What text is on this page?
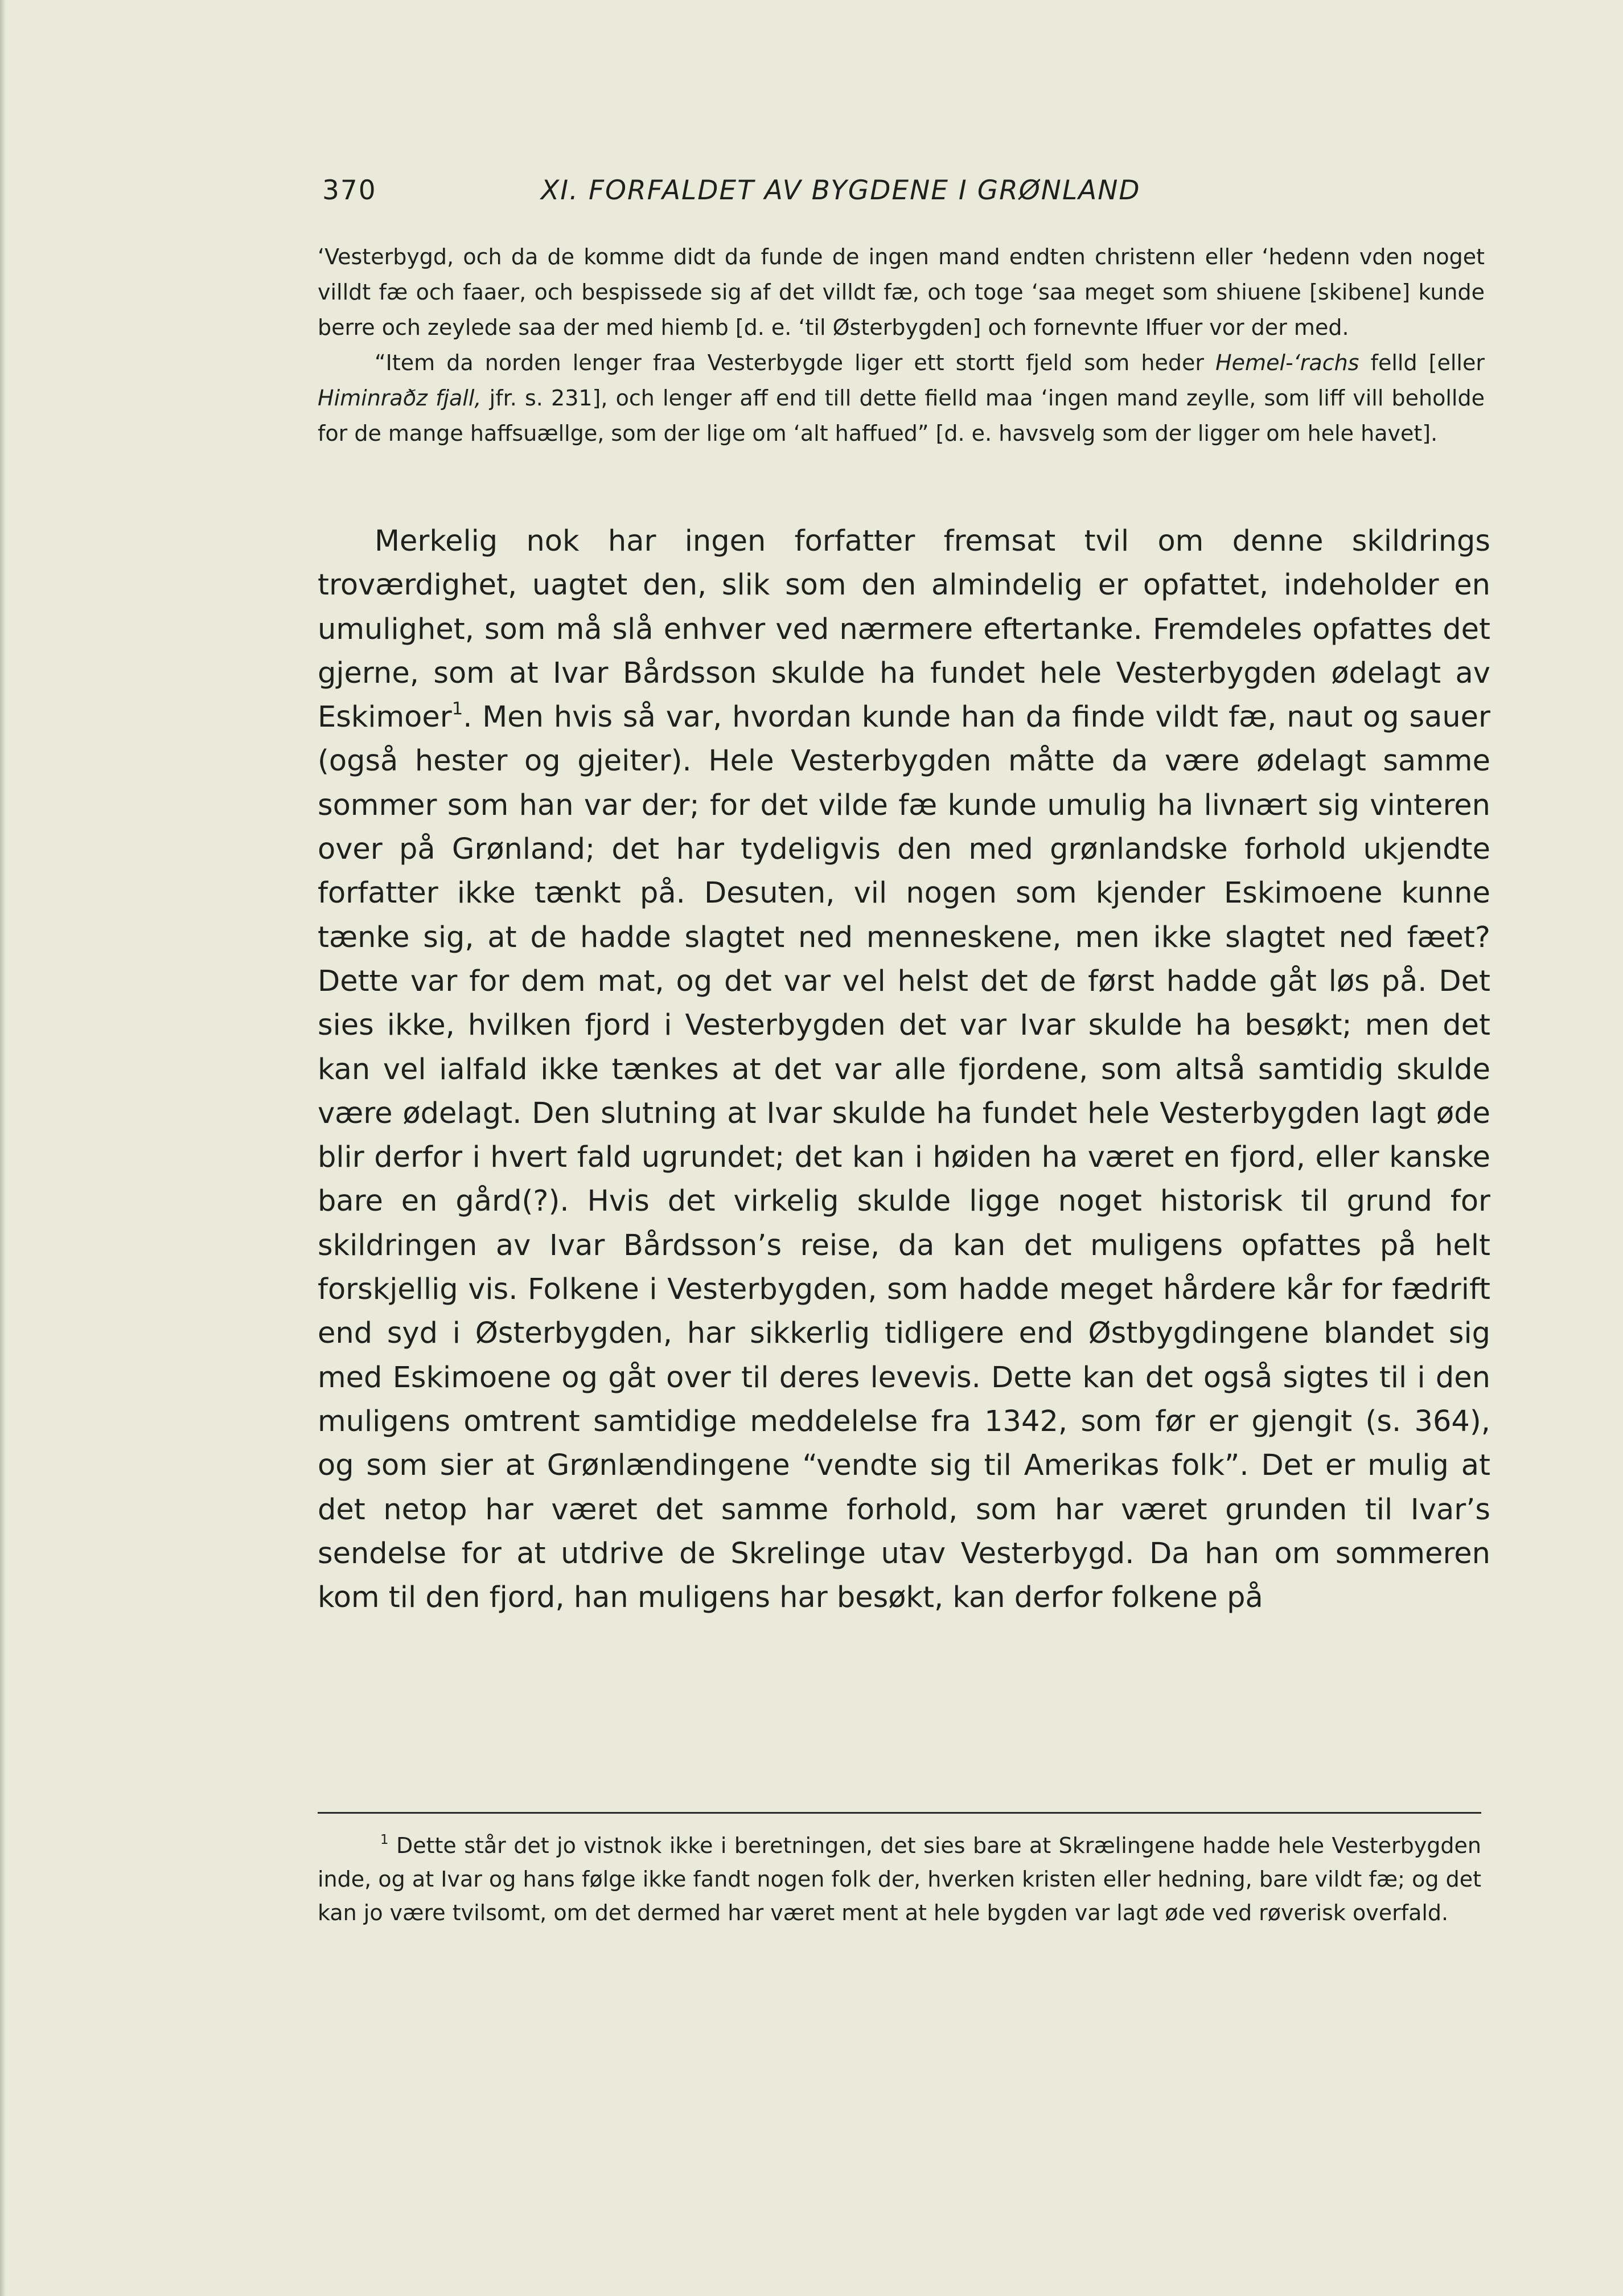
370	XI. FORFALDET AV BYGDENE I GRØNLAND

‘Vesterbygd, och da de komme didt da funde de ingen mand endten christenn eller ‘hedenn vden noget villdt fæ och faaer, och bespissede sig af det villdt fæ, och toge ‘saa meget som shiuene [skibene] kunde berre och zeylede saa der med hiemb [d. e. ‘til Østerbygden] och fornevnte Iffuer vor der med.

“Item da norden lenger fraa Vesterbygde liger ett stortt fjeld som heder Hemel-‘rachs felld [eller Himinraðz fjall, jfr. s. 231], och lenger aff end till dette fielld maa ‘ingen mand zeylle, som liff vill behollde for de mange haffsuællge, som der lige om ‘alt haffued” [d. e. havsvelg som der ligger om hele havet].

Merkelig nok har ingen forfatter fremsat tvil om denne skildrings troværdighet, uagtet den, slik som den almindelig er opfattet, indeholder en umulighet, som må slå enhver ved nærmere eftertanke. Fremdeles opfattes det gjerne, som at Ivar Bårdsson skulde ha fundet hele Vesterbygden ødelagt av Eskimoer$^1$. Men hvis så var, hvordan kunde han da finde vildt fæ, naut og sauer (også hester og gjeiter). Hele Vesterbygden måtte da være ødelagt samme sommer som han var der; for det vilde fæ kunde umulig ha livnært sig vinteren over på Grønland; det har tydeligvis den med grønlandske forhold ukjendte forfatter ikke tænkt på. Desuten, vil nogen som kjender Eskimoene kunne tænke sig, at de hadde slagtet ned menneskene, men ikke slagtet ned fæet? Dette var for dem mat, og det var vel helst det de først hadde gåt løs på. Det sies ikke, hvilken fjord i Vesterbygden det var Ivar skulde ha besøkt; men det kan vel ialfald ikke tænkes at det var alle fjordene, som altså samtidig skulde være ødelagt. Den slutning at Ivar skulde ha fundet hele Vesterbygden lagt øde blir derfor i hvert fald ugrundet; det kan i høiden ha været en fjord, eller kanske bare en gård(?). Hvis det virkelig skulde ligge noget historisk til grund for skildringen av Ivar Bårdsson’s reise, da kan det muligens opfattes på helt forskjellig vis. Folkene i Vesterbygden, som hadde meget hårdere kår for fædrift end syd i Østerbygden, har sikkerlig tidligere end Østbygdingene blandet sig med Eskimoene og gåt over til deres levevis. Dette kan det også sigtes til i den muligens omtrent samtidige meddelelse fra 1342, som før er gjengit (s. 364), og som sier at Grønlændingene “vendte sig til Amerikas folk”. Det er mulig at det netop har været det samme forhold, som har været grunden til Ivar’s sendelse for at utdrive de Skrelinge utav Vesterbygd. Da han om sommeren kom til den fjord, han muligens har besøkt, kan derfor folkene på

$^1$ Dette står det jo vistnok ikke i beretningen, det sies bare at Skrælingene hadde hele Vesterbygden inde, og at Ivar og hans følge ikke fandt nogen folk der, hverken kristen eller hedning, bare vildt fæ; og det kan jo være tvilsomt, om det dermed har været ment at hele bygden var lagt øde ved røverisk overfald.
